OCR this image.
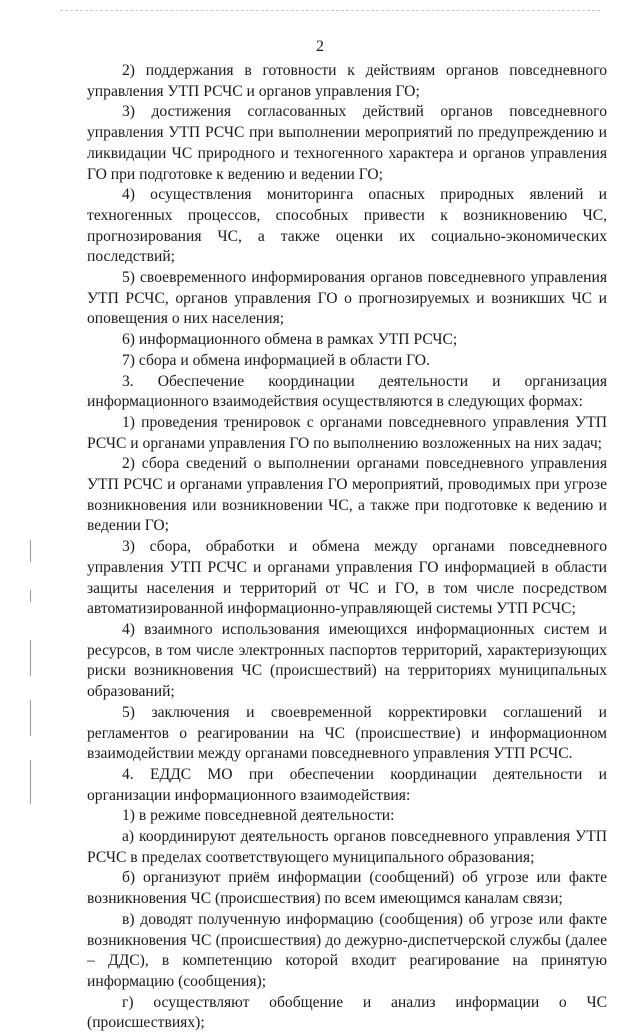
2

2) поддержания в готовности к действиям органов повседневного управления УТП РСЧС и органов управления ГО;

3) достижения согласованных действий органов повседневного управления УТП РСЧС при выполнении мероприятий по предупреждению и ликвидации ЧС природного и техногенного характера и органов управления ГО при подготовке к ведению и ведении ГО;

4) осуществления мониторинга опасных природных явлений и техногенных процессов, способных привести к возникновению ЧС, прогнозирования ЧС, а также оценки их социально-экономических последствий;

5) своевременного информирования органов повседневного управления УТП РСЧС, органов управления ГО о прогнозируемых и возникших ЧС и оповещения о них населения;

6) информационного обмена в рамках УТП РСЧС;

7) сбора и обмена информацией в области ГО.

3. Обеспечение координации деятельности и организация информационного взаимодействия осуществляются в следующих формах:

1) проведения тренировок с органами повседневного управления УТП РСЧС и органами управления ГО по выполнению возложенных на них задач;

2) сбора сведений о выполнении органами повседневного управления УТП РСЧС и органами управления ГО мероприятий, проводимых при угрозе возникновения или возникновении ЧС, а также при подготовке к ведению и ведении ГО;

3) сбора, обработки и обмена между органами повседневного управления УТП РСЧС и органами управления ГО информацией в области защиты населения и территорий от ЧС и ГО, в том числе посредством автоматизированной информационно-управляющей системы УТП РСЧС;

4) взаимного использования имеющихся информационных систем и ресурсов, в том числе электронных паспортов территорий, характеризующих риски возникновения ЧС (происшествий) на территориях муниципальных образований;

5) заключения и своевременной корректировки соглашений и регламентов о реагировании на ЧС (происшествие) и информационном взаимодействии между органами повседневного управления УТП РСЧС.

4. ЕДДС МО при обеспечении координации деятельности и организации информационного взаимодействия:

1) в режиме повседневной деятельности:

а) координируют деятельность органов повседневного управления УТП РСЧС в пределах соответствующего муниципального образования;

б) организуют приём информации (сообщений) об угрозе или факте возникновения ЧС (происшествия) по всем имеющимся каналам связи;

в) доводят полученную информацию (сообщения) об угрозе или факте возникновения ЧС (происшествия) до дежурно-диспетчерской службы (далее – ДДС), в компетенцию которой входит реагирование на принятую информацию (сообщения);

г) осуществляют обобщение и анализ информации о ЧС (происшествиях);
